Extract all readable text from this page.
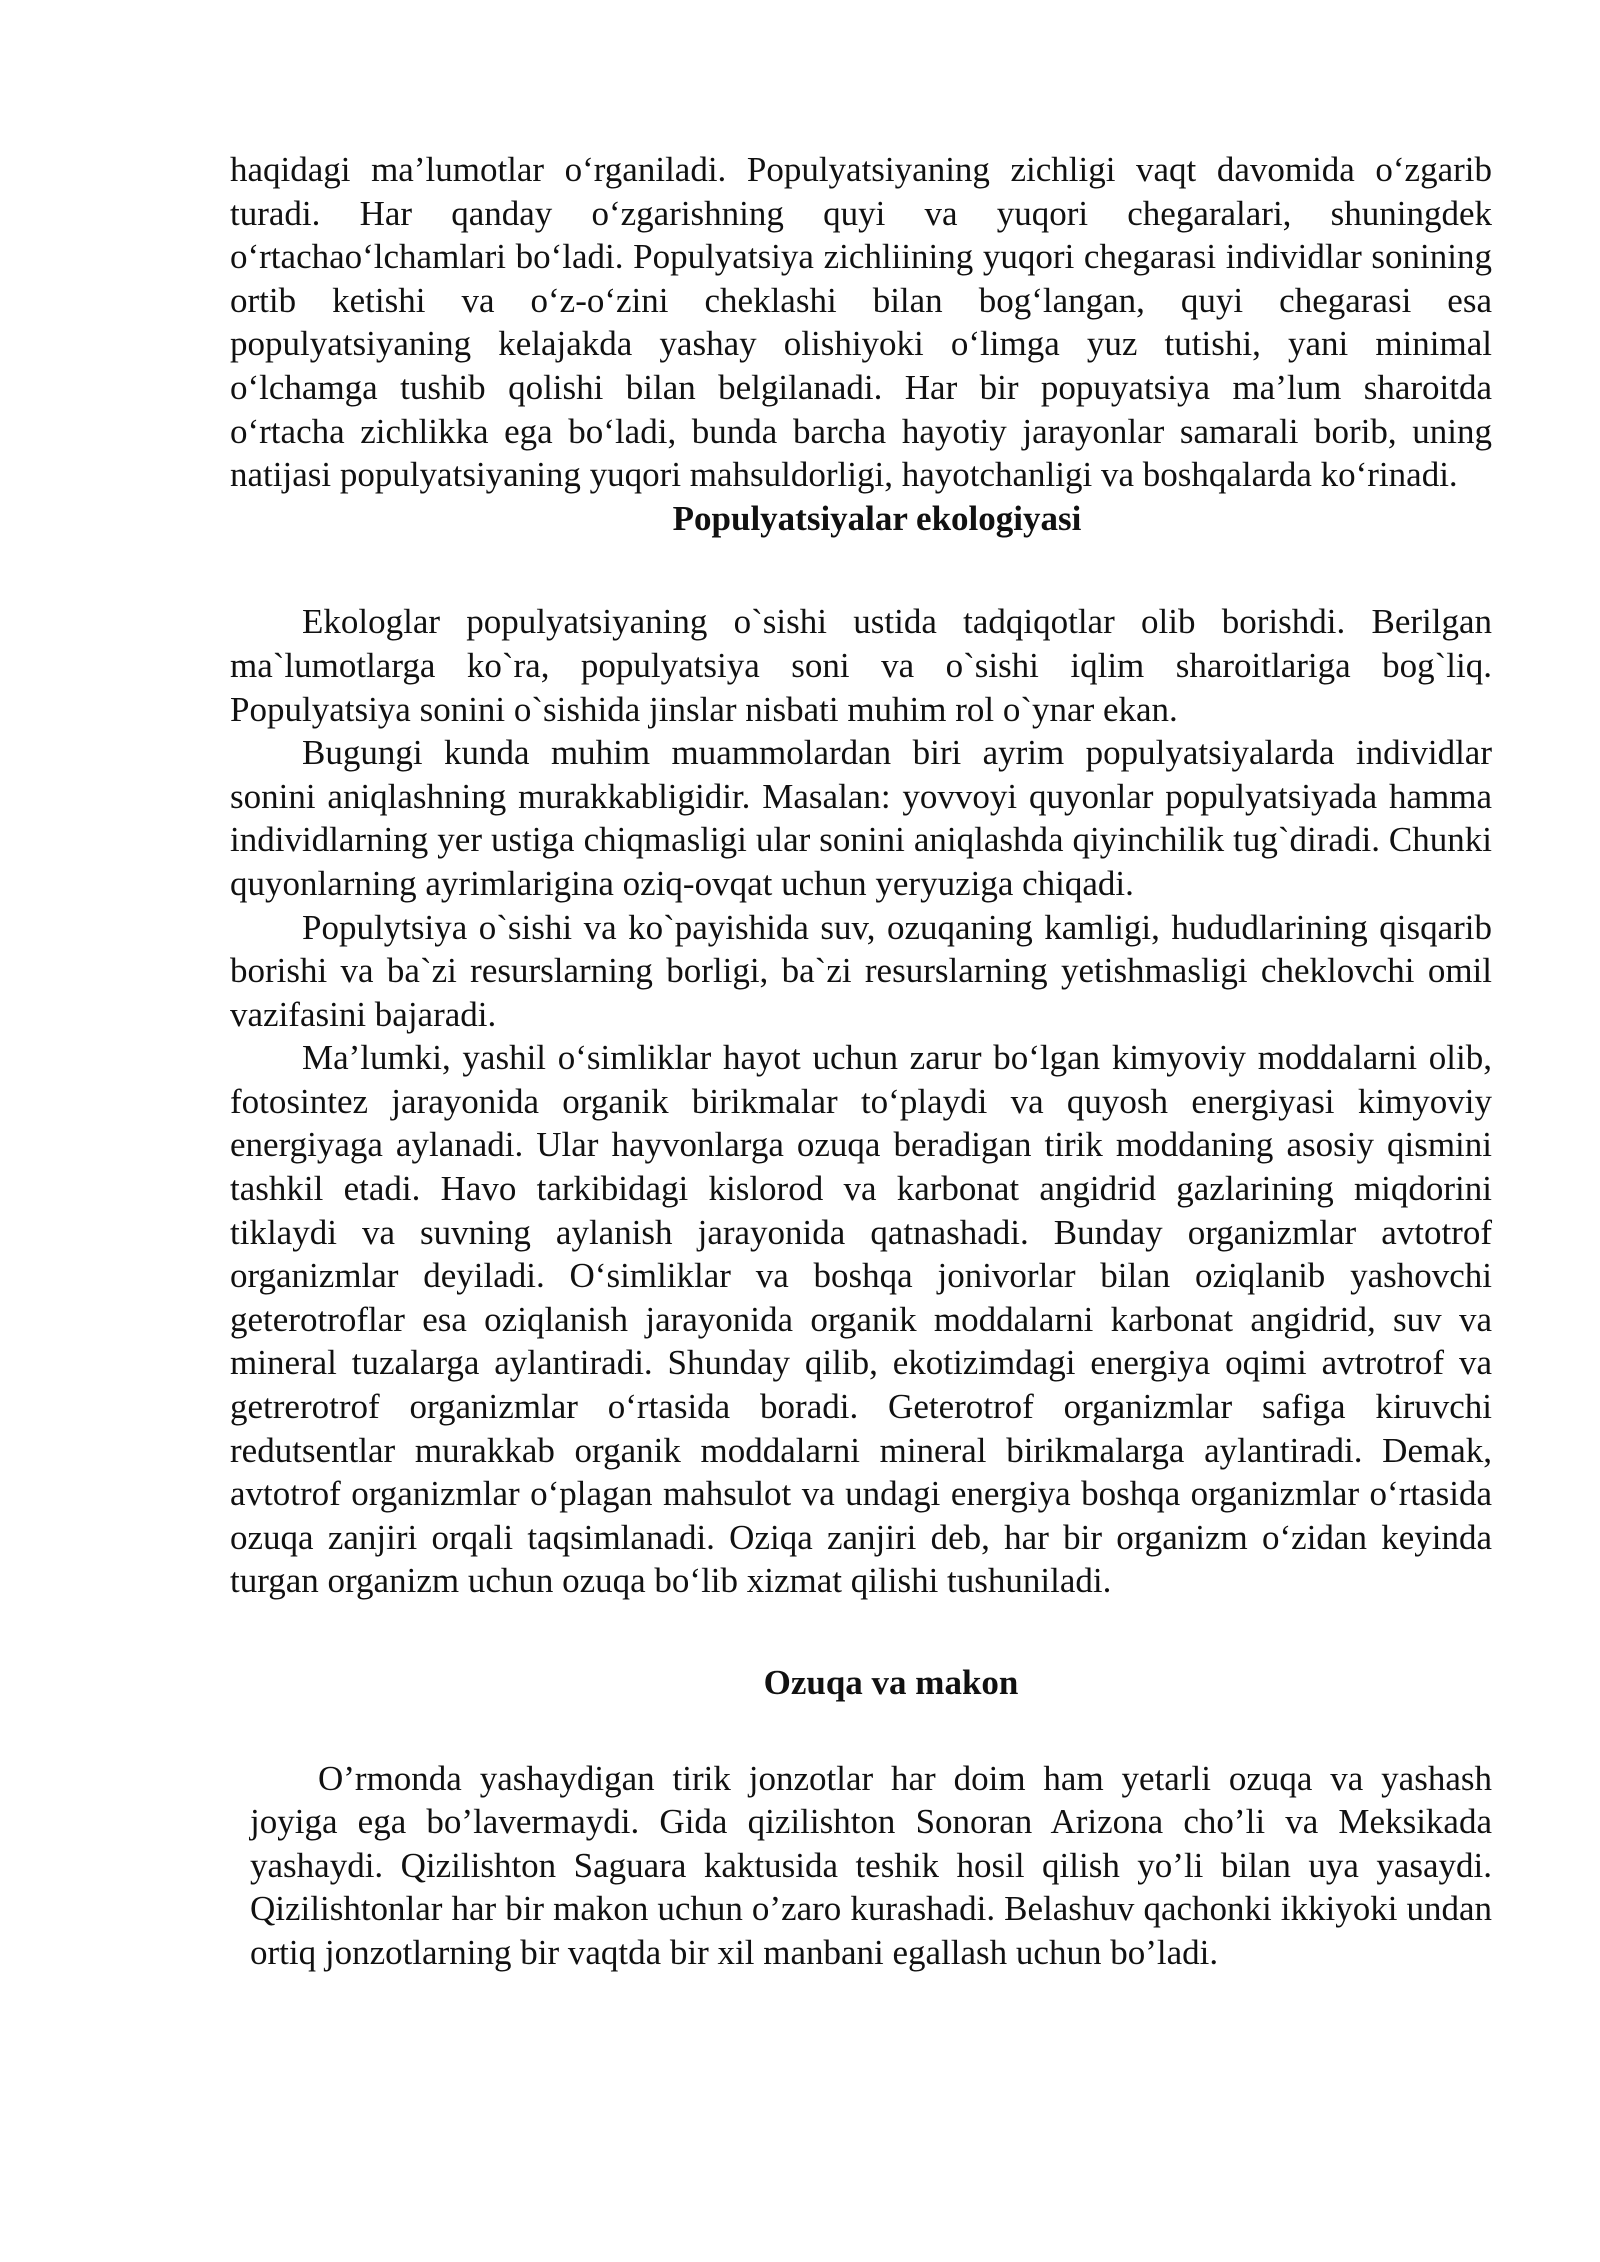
haqidagi ma’lumotlar o‘rganiladi. Populyatsiyaning zichligi vaqt davomida o‘zgarib turadi. Har qanday o‘zgarishning quyi va yuqori chegaralari, shuningdek o‘rtachao‘lchamlari bo‘ladi. Populyatsiya zichliining yuqori chegarasi individlar sonining ortib ketishi va o‘z-o‘zini cheklashi bilan bog‘langan, quyi chegarasi esa populyatsiyaning kelajakda yashay olishiyoki o‘limga yuz tutishi, yani minimal o‘lchamga tushib qolishi bilan belgilanadi. Har bir popuyatsiya ma’lum sharoitda o‘rtacha zichlikka ega bo‘ladi, bunda barcha hayotiy jarayonlar samarali borib, uning natijasi populyatsiyaning yuqori mahsuldorligi, hayotchanligi va boshqalarda ko‘rinadi.

Populyatsiyalar ekologiyasi

Ekologlar populyatsiyaning o`sishi ustida tadqiqotlar olib borishdi. Berilgan ma`lumotlarga ko`ra, populyatsiya soni va o`sishi iqlim sharoitlariga bog`liq. Populyatsiya sonini o`sishida jinslar nisbati muhim rol o`ynar ekan.

Bugungi kunda muhim muammolardan biri ayrim populyatsiyalarda individlar sonini aniqlashning murakkabligidir. Masalan: yovvoyi quyonlar populyatsiyada hamma individlarning yer ustiga chiqmasligi ular sonini aniqlashda qiyinchilik tug`diradi. Chunki quyonlarning ayrimlarigina oziq-ovqat uchun yeryuziga chiqadi.

Populytsiya o`sishi va ko`payishida suv, ozuqaning kamligi, hududlarining qisqarib borishi va ba`zi resurslarning borligi, ba`zi resurslarning yetishmasligi cheklovchi omil vazifasini bajaradi.

Ma’lumki, yashil o‘simliklar hayot uchun zarur bo‘lgan kimyoviy moddalarni olib, fotosintez jarayonida organik birikmalar to‘playdi va quyosh energiyasi kimyoviy energiyaga aylanadi. Ular hayvonlarga ozuqa beradigan tirik moddaning asosiy qismini tashkil etadi. Havo tarkibidagi kislorod va karbonat angidrid gazlarining miqdorini tiklaydi va suvning aylanish jarayonida qatnashadi. Bunday organizmlar avtotrof organizmlar deyiladi. O‘simliklar va boshqa jonivorlar bilan oziqlanib yashovchi geterotroflar esa oziqlanish jarayonida organik moddalarni karbonat angidrid, suv va mineral tuzalarga aylantiradi. Shunday qilib, ekotizimdagi energiya oqimi avtrotrof va getrerotrof organizmlar o‘rtasida boradi. Geterotrof organizmlar safiga kiruvchi redutsentlar murakkab organik moddalarni mineral birikmalarga aylantiradi. Demak, avtotrof organizmlar o‘plagan mahsulot va undagi energiya boshqa organizmlar o‘rtasida ozuqa zanjiri orqali taqsimlanadi. Oziqa zanjiri deb, har bir organizm o‘zidan keyinda turgan organizm uchun ozuqa bo‘lib xizmat qilishi tushuniladi.

Ozuqa va makon

O’rmonda yashaydigan tirik jonzotlar har doim ham yetarli ozuqa va yashash joyiga ega bo’lavermaydi. Gida qizilishton Sonoran Arizona cho’li va Meksikada yashaydi. Qizilishton Saguara kaktusida teshik hosil qilish yo’li bilan uya yasaydi. Qizilishtonlar har bir makon uchun o’zaro kurashadi. Belashuv qachonki ikkiyoki undan ortiq jonzotlarning bir vaqtda bir xil manbani egallash uchun bo’ladi.
